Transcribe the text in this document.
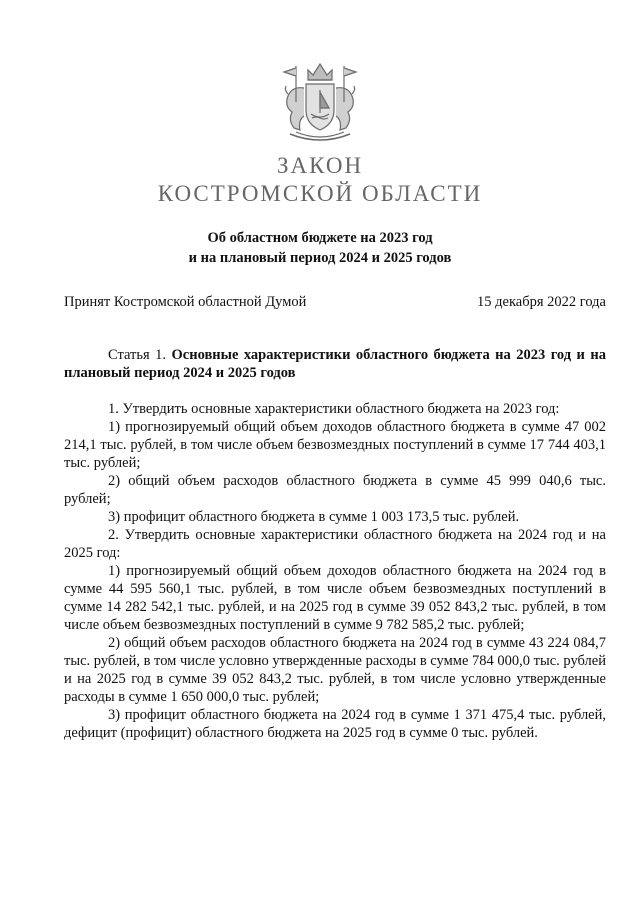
ЗАКОН
КОСТРОМСКОЙ ОБЛАСТИ
Об областном бюджете на 2023 год
и на плановый период 2024 и 2025 годов
Принят Костромской областной Думой	15 декабря 2022 года

Статья 1. Основные характеристики областного бюджета на 2023 год и на плановый период 2024 и 2025 годов

1. Утвердить основные характеристики областного бюджета на 2023 год:

1) прогнозируемый общий объем доходов областного бюджета в сумме 47 002 214,1 тыс. рублей, в том числе объем безвозмездных поступлений в сумме 17 744 403,1 тыс. рублей;

2) общий объем расходов областного бюджета в сумме 45 999 040,6 тыс. рублей;

3) профицит областного бюджета в сумме 1 003 173,5 тыс. рублей.

2. Утвердить основные характеристики областного бюджета на 2024 год и на 2025 год:

1) прогнозируемый общий объем доходов областного бюджета на 2024 год в сумме 44 595 560,1 тыс. рублей, в том числе объем безвозмездных поступлений в сумме 14 282 542,1 тыс. рублей, и на 2025 год в сумме 39 052 843,2 тыс. рублей, в том числе объем безвозмездных поступлений в сумме 9 782 585,2 тыс. рублей;

2) общий объем расходов областного бюджета на 2024 год в сумме 43 224 084,7 тыс. рублей, в том числе условно утвержденные расходы в сумме 784 000,0 тыс. рублей и на 2025 год в сумме 39 052 843,2 тыс. рублей, в том числе условно утвержденные расходы в сумме 1 650 000,0 тыс. рублей;

3) профицит областного бюджета на 2024 год в сумме 1 371 475,4 тыс. рублей, дефицит (профицит) областного бюджета на 2025 год в сумме 0 тыс. рублей.
